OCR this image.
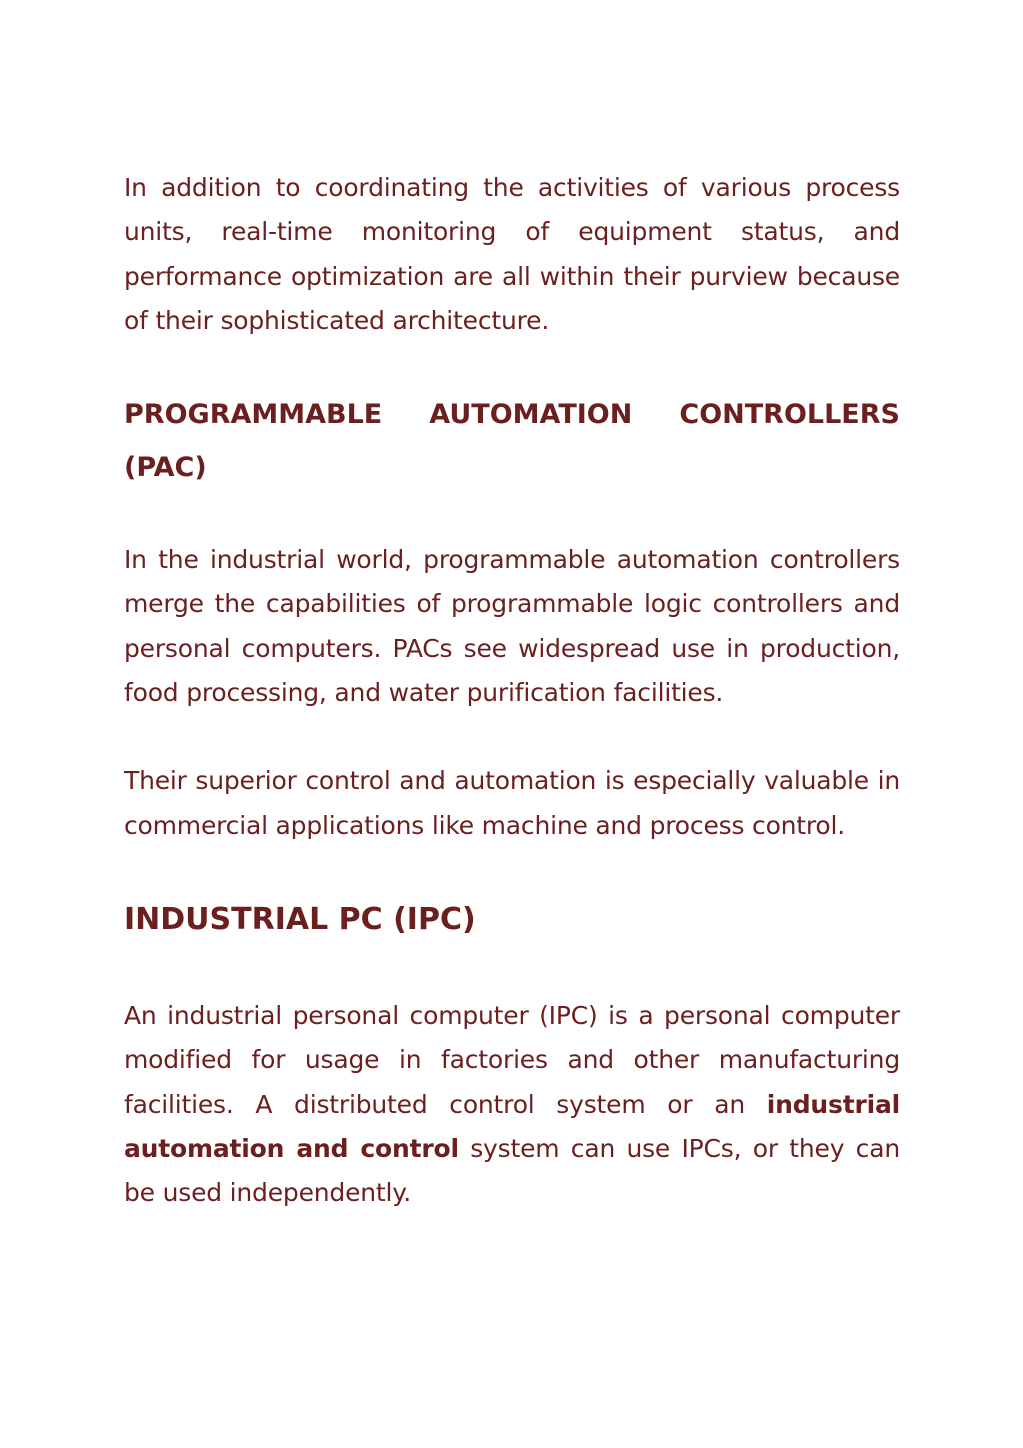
In addition to coordinating the activities of various process units, real-time monitoring of equipment status, and performance optimization are all within their purview because of their sophisticated architecture.

PROGRAMMABLE AUTOMATION CONTROLLERS (PAC)

In the industrial world, programmable automation controllers merge the capabilities of programmable logic controllers and personal computers. PACs see widespread use in production, food processing, and water purification facilities.

Their superior control and automation is especially valuable in commercial applications like machine and process control.

INDUSTRIAL PC (IPC)

An industrial personal computer (IPC) is a personal computer modified for usage in factories and other manufacturing facilities. A distributed control system or an industrial automation and control system can use IPCs, or they can be used independently.
